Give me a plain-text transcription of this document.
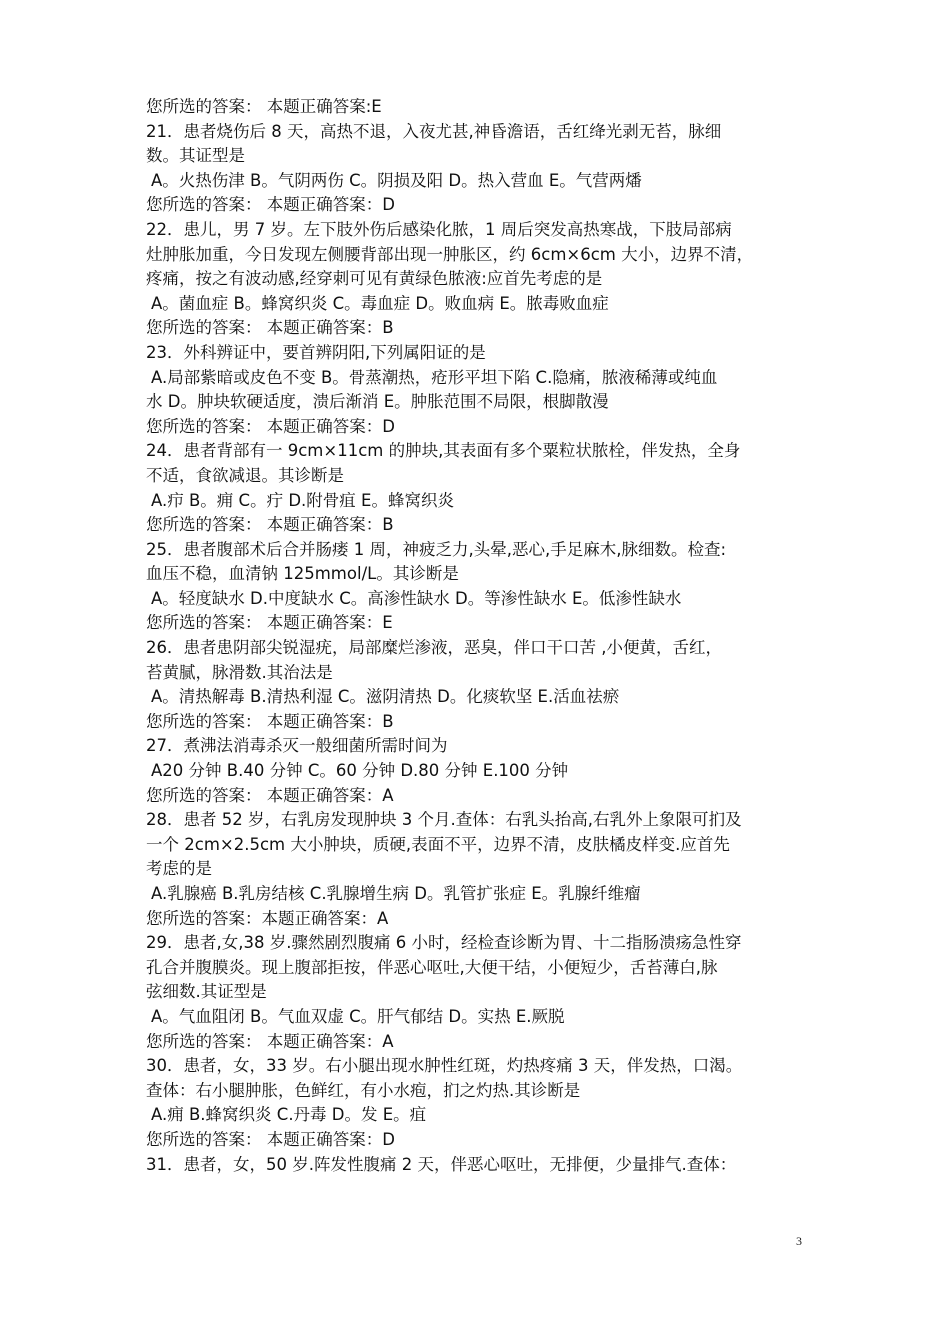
您所选的答案： 本题正确答案:E
21．患者烧伤后 8 天，高热不退，入夜尤甚,神昏澹语，舌红绛光剥无苔，脉细
数。其证型是
A。火热伤津 B。气阴两伤 C。阴损及阳 D。热入营血 E。气营两燔
您所选的答案： 本题正确答案：D
22．患儿，男 7 岁。左下肢外伤后感染化脓，1 周后突发高热寒战，下肢局部病
灶肿胀加重，今日发现左侧腰背部出现一肿胀区，约 6cm×6cm 大小，边界不清，
疼痛，按之有波动感,经穿刺可见有黄绿色脓液:应首先考虑的是
A。菌血症 B。蜂窝织炎 C。毒血症 D。败血病 E。脓毒败血症
您所选的答案： 本题正确答案：B
23．外科辨证中，要首辨阴阳,下列属阳证的是
A.局部紫暗或皮色不变 B。骨蒸潮热，疮形平坦下陷 C.隐痛，脓液稀薄或纯血
水 D。肿块软硬适度，溃后渐消 E。肿胀范围不局限，根脚散漫
您所选的答案： 本题正确答案：D
24．患者背部有一 9cm×11cm 的肿块,其表面有多个粟粒状脓栓，伴发热，全身
不适，食欲减退。其诊断是
A.疖 B。痈 C。疔 D.附骨疽 E。蜂窝织炎
您所选的答案： 本题正确答案：B
25．患者腹部术后合并肠瘘 1 周，神疲乏力,头晕,恶心,手足麻木,脉细数。检查:
血压不稳，血清钠 125mmol/L。其诊断是
A。轻度缺水 D.中度缺水 C。高渗性缺水 D。等渗性缺水 E。低渗性缺水
您所选的答案： 本题正确答案：E
26．患者患阴部尖锐湿疣，局部糜烂渗液，恶臭，伴口干口苦 ,小便黄，舌红，
苔黄腻，脉滑数.其治法是
A。清热解毒 B.清热利湿 C。滋阴清热 D。化痰软坚 E.活血祛瘀
您所选的答案： 本题正确答案：B
27．煮沸法消毒杀灭一般细菌所需时间为
A20 分钟 B.40 分钟 C。60 分钟 D.80 分钟 E.100 分钟
您所选的答案： 本题正确答案：A
28．患者 52 岁，右乳房发现肿块 3 个月.查体：右乳头抬高,右乳外上象限可扪及
一个 2cm×2.5cm 大小肿块，质硬,表面不平，边界不清，皮肤橘皮样变.应首先
考虑的是
A.乳腺癌 B.乳房结核 C.乳腺增生病 D。乳管扩张症 E。乳腺纤维瘤
您所选的答案：本题正确答案：A
29．患者,女,38 岁.骤然剧烈腹痛 6 小时，经检查诊断为胃、十二指肠溃疡急性穿
孔合并腹膜炎。现上腹部拒按，伴恶心呕吐,大便干结，小便短少，舌苔薄白,脉
弦细数.其证型是
A。气血阻闭 B。气血双虚 C。肝气郁结 D。实热 E.厥脱
您所选的答案： 本题正确答案：A
30．患者，女，33 岁。右小腿出现水肿性红斑，灼热疼痛 3 天，伴发热，口渴。
查体：右小腿肿胀，色鲜红，有小水疱，扪之灼热.其诊断是
A.痈 B.蜂窝织炎 C.丹毒 D。发 E。疽
您所选的答案： 本题正确答案：D
31．患者，女，50 岁.阵发性腹痛 2 天，伴恶心呕吐，无排便，少量排气.查体：
3
